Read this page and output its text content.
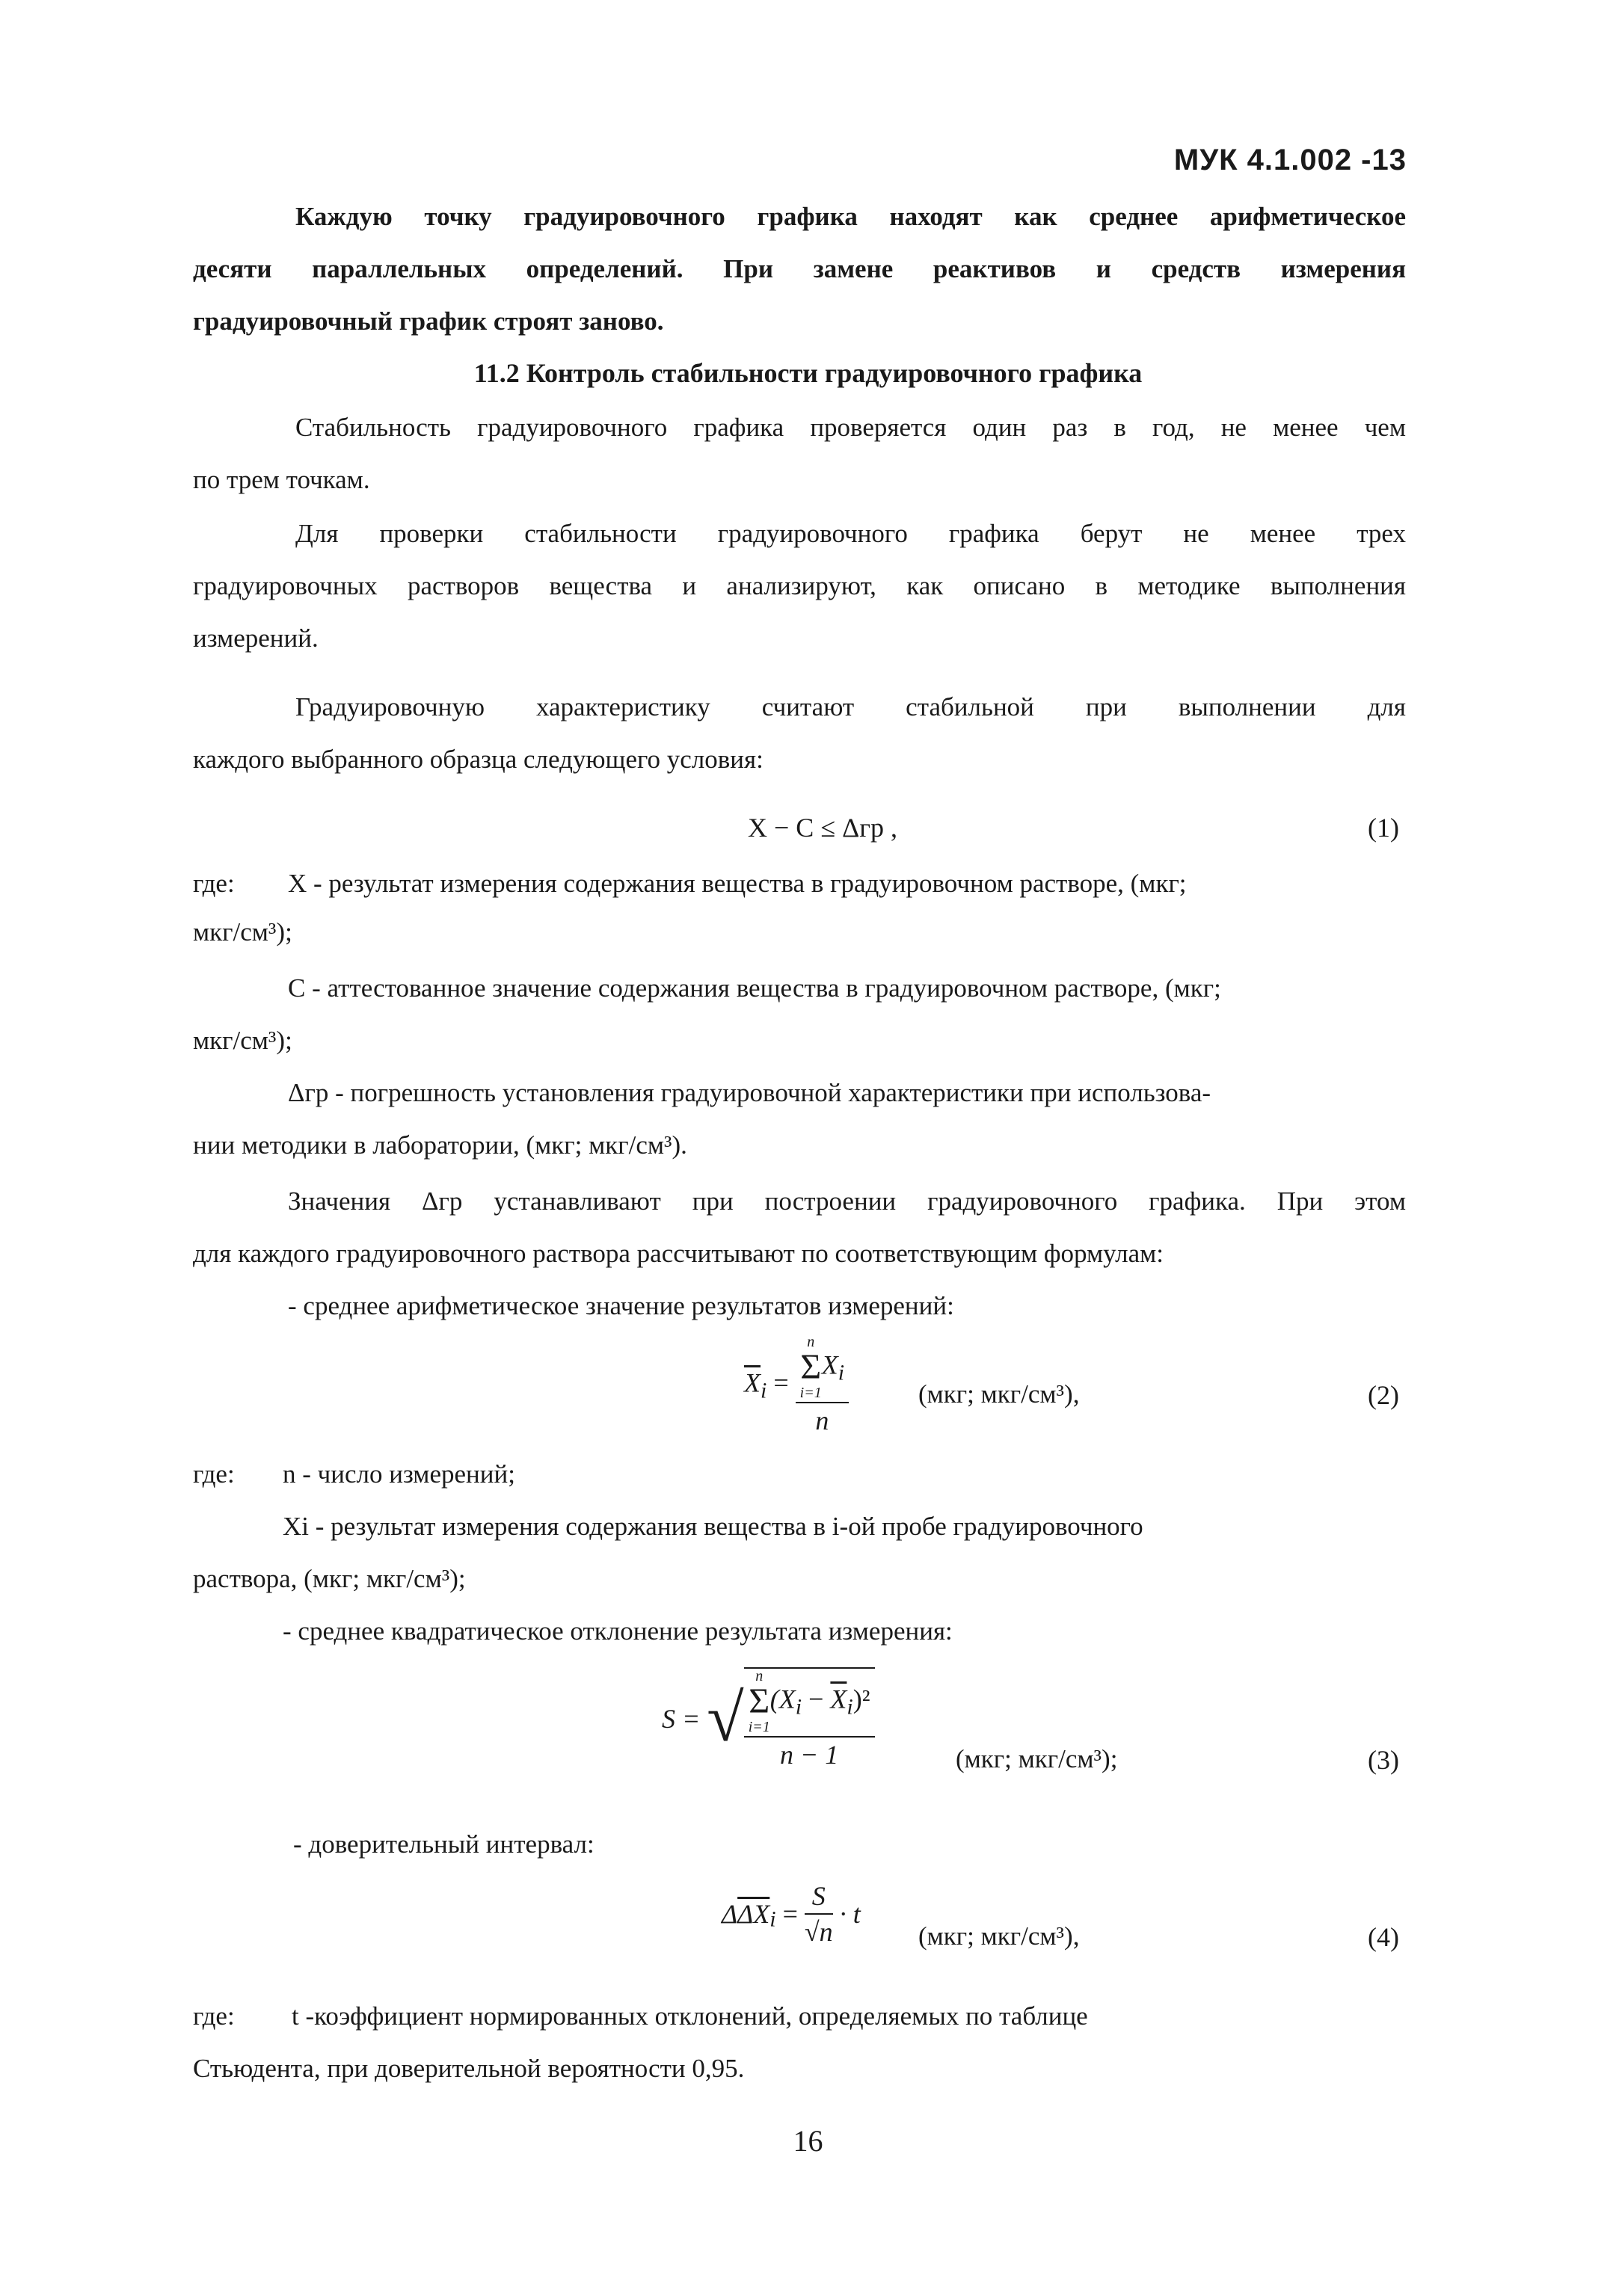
МУК 4.1.002 -13
Каждую точку градуировочного графика находят как среднее арифметическое
десяти параллельных определений. При замене реактивов и средств измерения
градуировочный график строят заново.
11.2 Контроль стабильности градуировочного графика
Стабильность градуировочного графика проверяется один раз в год, не менее чем
по трем точкам.
Для проверки стабильности градуировочного графика берут не менее трех
градуировочных растворов вещества и анализируют, как описано в методике выполнения
измерений.
Градуировочную характеристику считают стабильной при выполнении для
каждого выбранного образца следующего условия:
X − C ≤ Δгр ,	(1)
где: X - результат измерения содержания вещества в градуировочном растворе, (мкг;
мкг/см³);
C - аттестованное значение содержания вещества в градуировочном растворе, (мкг;
мкг/см³);
Δгр - погрешность установления градуировочной характеристики при использова-
нии методики в лаборатории, (мкг; мкг/см³).
Значения Δгр устанавливают при построении градуировочного графика. При этом
для каждого градуировочного раствора рассчитывают по соответствующим формулам:
- среднее арифметическое значение результатов измерений:
$\overline{X}_i = n$
Σ
i=1
$X_i$
n	(мкг; мкг/см³),	(2)
где: n - число измерений;
Xi - результат измерения содержания вещества в i-ой пробе градуировочного
раствора, (мкг; мкг/см³);
- среднее квадратическое отклонение результата измерения:
S = √ n
Σ
i=1
$(X_i - \overline{X}_i)^2$
n − 1	(мкг; мкг/см³);	(3)
- доверительный интервал:
$\Delta\overline{\Delta X}_i = \frac{S}{√n} \cdot t$
(мкг; мкг/см³),	(4)
где: t -коэффициент нормированных отклонений, определяемых по таблице
Стьюдента, при доверительной вероятности 0,95.
16
